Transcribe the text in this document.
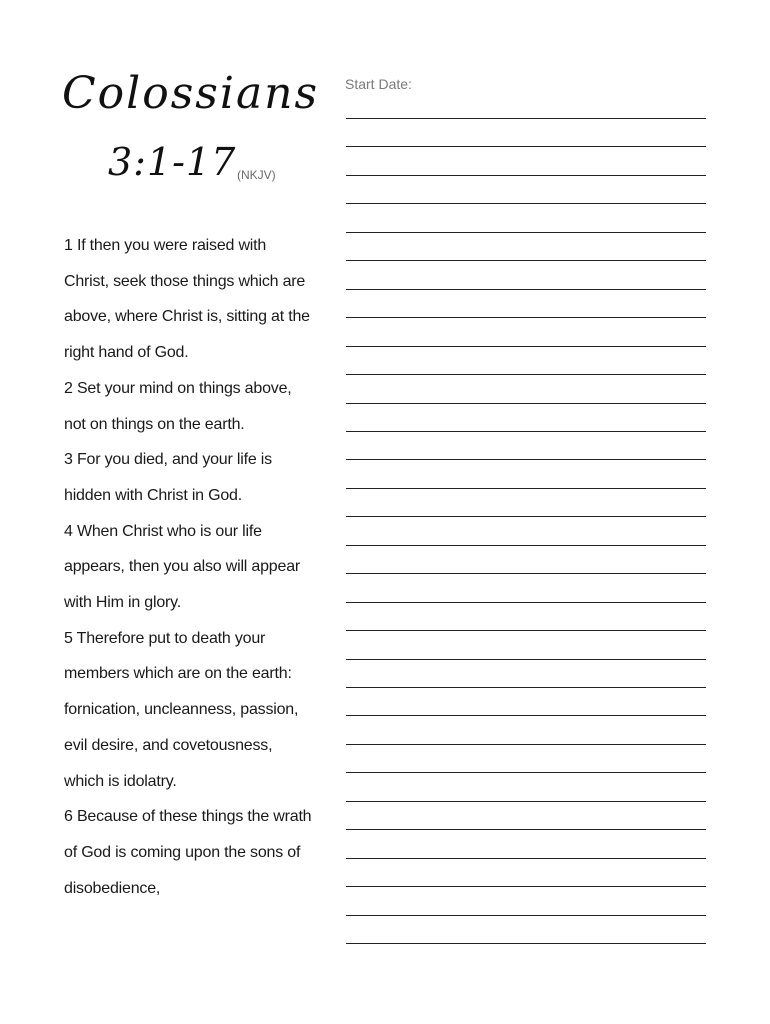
Colossians
3:1-17 (NKJV)
Start Date:
1 If then you were raised with
Christ, seek those things which are
above, where Christ is, sitting at the
right hand of God.
2 Set your mind on things above,
not on things on the earth.
3 For you died, and your life is
hidden with Christ in God.
4 When Christ who is our life
appears, then you also will appear
with Him in glory.
5 Therefore put to death your
members which are on the earth:
fornication, uncleanness, passion,
evil desire, and covetousness,
which is idolatry.
6 Because of these things the wrath
of God is coming upon the sons of
disobedience,
